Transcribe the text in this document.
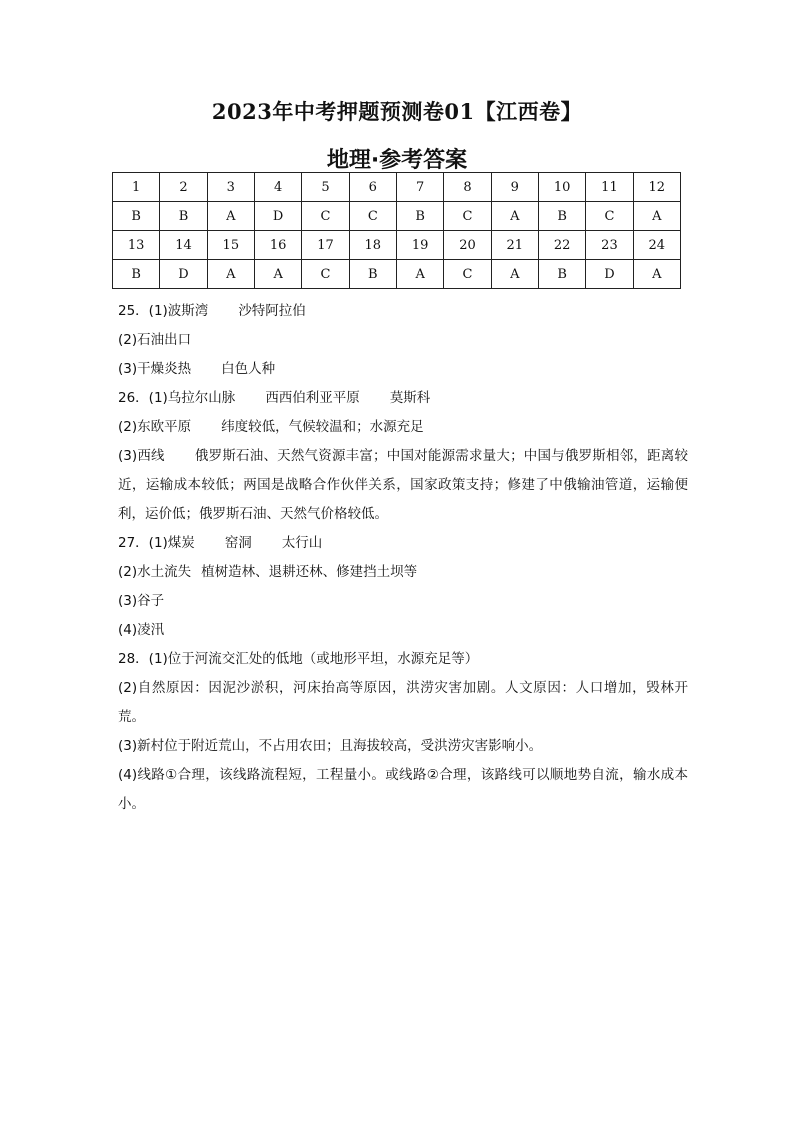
2023年中考押题预测卷01【江西卷】
地理·参考答案
1	2	3	4	5	6	7	8	9	10	11	12
B	B	A	D	C	C	B	C	A	B	C	A
13	14	15	16	17	18	19	20	21	22	23	24
B	D	A	A	C	B	A	C	A	B	D	A
25．(1)波斯湾 沙特阿拉伯
(2)石油出口
(3)干燥炎热 白色人种
26．(1)乌拉尔山脉 西西伯利亚平原 莫斯科
(2)东欧平原 纬度较低，气候较温和；水源充足
(3)西线 俄罗斯石油、天然气资源丰富；中国对能源需求量大；中国与俄罗斯相邻，距离较近，运输成本较低；两国是战略合作伙伴关系，国家政策支持；修建了中俄输油管道，运输便利，运价低；俄罗斯石油、天然气价格较低。
27．(1)煤炭 窑洞 太行山
(2)水土流失 植树造林、退耕还林、修建挡土坝等
(3)谷子
(4)凌汛
28．(1)位于河流交汇处的低地（或地形平坦，水源充足等）
(2)自然原因：因泥沙淤积，河床抬高等原因，洪涝灾害加剧。人文原因：人口增加，毁林开荒。
(3)新村位于附近荒山，不占用农田；且海拔较高，受洪涝灾害影响小。
(4)线路①合理，该线路流程短，工程量小。或线路②合理，该路线可以顺地势自流，输水成本小。
